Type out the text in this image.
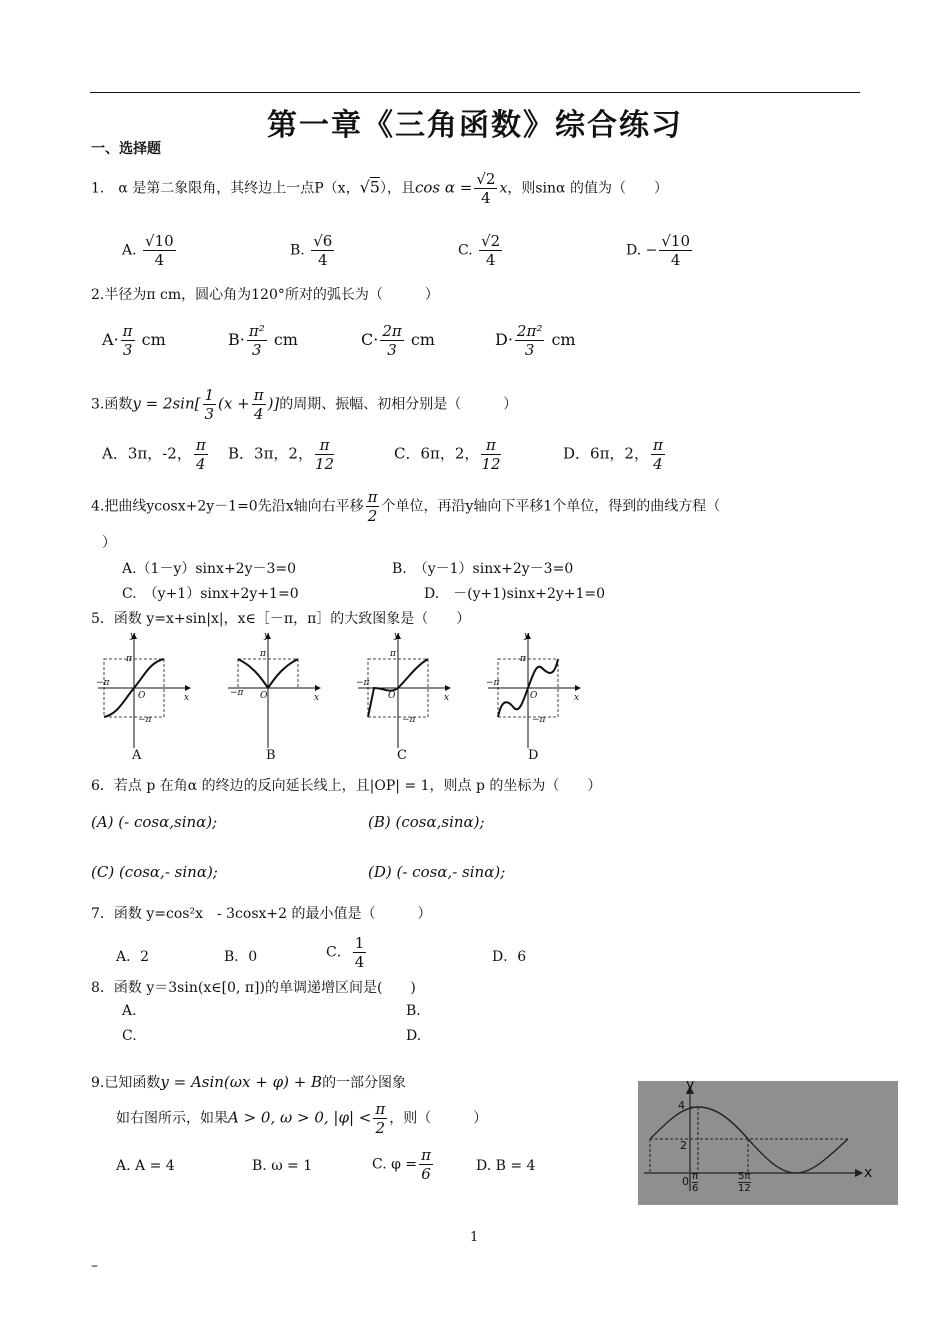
第一章《三角函数》综合练习
一、选择题
1.　α 是第二象限角，其终边上一点P（x，√5），且$\cos \alpha = \frac{√2}{4}$ x，则sinα 的值为（　　）
A. $\frac{√10}{4}$	B. $\frac{√6}{4}$	C. $\frac{√2}{4}$	D. − $\frac{√10}{4}$
2.半径为π cm，圆心角为120°所对的弧长为（　　　）
$A\cdot \frac{\pi}{3}$ cm	$B\cdot \frac{\text{π²}}{3}$ cm	$C\cdot \frac{2\pi}{3}$ cm	$D\cdot \frac{\text{2π²}}{3}$ cm
3.函数$y = 2\sin[ \frac{1}{3} (x + \frac{\pi}{4}$ )]的周期、振幅、初相分别是（　　　）
A．3π，-2， $\frac{\pi}{4}$ B．3π，2， $\frac{\pi}{12}$	C．6π，2， $\frac{\pi}{12}$	D．6π，2， $\frac{\pi}{4}$
4.把曲线ycosx+2y－1=0先沿x轴向右平移 $\frac{\pi}{2}$ 个单位，再沿y轴向下平移1个单位，得到的曲线方程（
）
A.（1－y）sinx+2y－3=0	B.　（y－1）sinx+2y－3=0
C.　（y+1）sinx+2y+1=0	D.　－(y+1)sinx+2y+1=0
5．函数 y=x+sin|x|，x∈［－π，π］的大致图象是（　　）
y
x
O
−π
π
−π
y
x
O
−π
π
y
x
O
−π
π
−π
y
x
O
−π
π
−π
A	B	C	D
6．若点 p 在角α 的终边的反向延长线上，且|OP| = 1，则点 p 的坐标为（　　）
(A) (- cosα,sinα);	(B) (cosα,sinα);
(C) (cosα,- sinα);	(D) (- cosα,- sinα);
7．函数 y=cos²x　- 3cosx+2 的最小值是（　　　）
A．2	B．0	C． $\frac{1}{4}$	D．6
8．函数 y＝3sin(x∈[0, π])的单调递增区间是(　　)
A.	B.
C.	D.
9.已知函数y = Asin(ωx + φ) + B的一部分图象
如右图所示，如果A > 0, ω > 0, $|\varphi| < \frac{\pi}{2}$ ，则（　　　）
A. A = 4	B. ω = 1	C. $\varphi = \frac{\pi}{6}$	D. B = 4
y
x
4
2
0 π
6
5π
12
1
–
